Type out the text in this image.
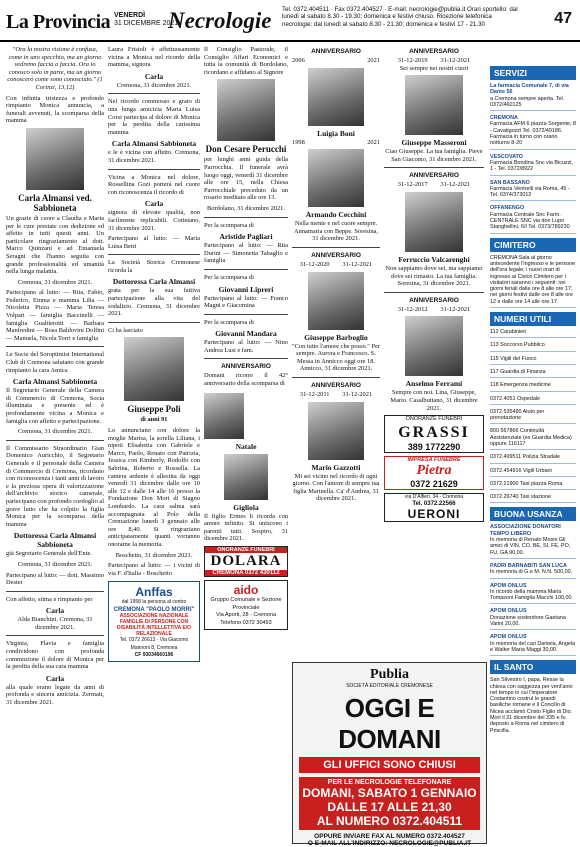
La Provincia VENERDÌ
31 DICEMBRE 2021
Necrologie Tel. 0372.404511 · Fax 0372.404527 · E-mail: necrologie@publia.it Orari sportello: dal lunedì al sabato 8.30 - 19.30; domenica e festivi chiuso. Ricezione telefonica necrologie: dal lunedì al sabato 8.30 - 21.30; domenica e festivi 17 - 21.30	47

"Ora la nostra visione è confusa, come in uno specchio, ma un giorno vedremo faccia a faccia. Ora io conosco solo in parte, ma un giorno conoscerò come sono conosciuto." (1 Corinzi, 13,12)

Con infinita tristezza e profondo rimpianto Monica annuncia, a funerali avvenuti, la scomparsa della mamma

Carla Almansi ved. Sabbioneta

Un grazie di cuore a Claudia e Maria per le cure prestate con dedizione ed affetto in tutti questi anni. Un particolare ringraziamento al dott. Marco Quinzani e ad Emanuela Seragni che l'hanno seguita con grande professionalità ed umanità nella lunga malattia.

Cremona, 31 dicembre 2021.

Partecipano al lutto: — Rita, Fabio, Federico, Emma e mamma Lilia — Nicoletta Pizza — Maria Teresa Volpari — famiglia Baccinelli — famiglia Gualtierotti — Barbara Manfredini — Rosa Baldovini Dolfini — Manuela, Nicola Torri e famiglia

Le Socie del Soroptimist International Club di Cremona salutano con grande rimpianto la cara Amica

Carla Almansi Sabbioneta

Il Segretario Generale della Camera di Commercio di Cremona, Socia illuminata e presente ed è profondamente vicina a Monica e famiglia con affetto e partecipazione.

Cremona, 31 dicembre 2021.

Il Commissario Straordinario Gian Domenico Auricchio, il Segretario Generale e il personale della Camera di Commercio di Cremona, ricordano con riconoscenza i tanti anni di lavoro e la preziosa opera di valorizzazione dell'archivio storico camerale, partecipano con profondo cordoglio al grave lutto che ha colpito la figlia Monica per la scomparsa della mamma

Dottoressa Carla Almansi Sabbioneta

già Segretario Generale dell'Ente.

Cremona, 31 dicembre 2021.

Partecipano al lutto: — dott. Massimo Dester

Con affetto, stima e rimpianto per

Carla

Alda Bianchini. Cremona, 31 dicembre 2021.

Virginia, Flavia e famiglia condividono con profonda commozione il dolore di Monica per la perdita della sua cara mamma

Carla

alla quale erano legate da anni di profonda e sincera amicizia. Zermatt, 31 dicembre 2021.

Laura Fristoli è affettuosamente vicina a Monica nel ricordo della mamma, signora

Carla

Cremona, 31 dicembre 2021.

Nel ricordo commosso e grato di una lunga amicizia Maria Luisa Corsi partecipa al dolore di Monica per la perdita della carissima mamma

Carla Almansi Sabbioneta

e le è vicina con affetto. Cremona, 31 dicembre 2021.

Vicina a Monica nel dolore, Rossellina Gozi porterà nel cuore con riconoscenza il ricordo di

Carla

signora di elevate qualità, non facilmente replicabili. Cortetano, 31 dicembre 2021.

Partecipano al lutto: — Maria Luisa Betri

La Società Storica Cremonese ricorda la

Dottoressa Carla Almansi

grata per la sua fattiva partecipazione alla vita del sodalizio. Cremona, 31 dicembre 2021.

Ci ha lasciato

Giuseppe Poli

di anni 91

Lo annunciano con dolore la moglie Marisa, la sorella Liliana, i nipoti Elisabetta con Gabriele e Marco, Paolo, Renato con Patrizia, Jessica con Kimberly, Rodolfo con Sabrina, Roberto e Rossella. La camera ardente è allestita da oggi venerdì 31 dicembre dalle ore 10 alle 12 e dalle 14 alle 16 presso la Fondazione Don Mori di Stagno Lombardo. La cara salma sarà accompagnata al Polo della Cremazione lunedì 3 gennaio alle ore 8,40. Si ringraziano anticipatamente quanti vorranno onorarne la memoria.

Boschetto, 31 dicembre 2021.

Partecipano al lutto: — i vicini di via F. d'Italia - Boschetto

Anffas
dal 1958 la persona al centro
CREMONA "PAOLO MORRI"
ASSOCIAZIONE NAZIONALE FAMIGLIE DI PERSONE CON DISABILITÀ INTELLETTIVA E/O RELAZIONALE
Tel. 0372 26613 · Via Giacomo Marinoni 8, Cremona
CF 93034660196

Il Consiglio Pastorale, il Consiglio Affari Economici e tutta la comunità di Bordolano, ricordano e affidano al Signore

Don Cesare Perucchi

per lunghi anni guida della Parrocchia. Il funerale avrà luogo oggi, venerdì 31 dicembre alle ore 15, nella Chiesa Parrocchiale preceduto da un rosario meditato alle ore 13.

Bordolano, 31 dicembre 2021.

Per la scomparsa di

Aristide Pagliari

Partecipano al lutto: — Rita Durini — Simonetta Tabaglio e famiglia

Per la scomparsa di

Giovanni Lipreri

Partecipano al lutto: — Franco Magni e Giacomina

Per la scomparsa di

Giovanni Mandara

Partecipano al lutto: — Nino Andrea Lusi e fam.

ANNIVERSARIO

Domani ricorre il 42° anniversario della scomparsa di

Natale
Gigliola

Il figlio Ermes li ricorda con amore infinito. Si uniscono i parenti tutti. Sospiro, 31 dicembre 2021.

ONORANZE FUNEBRI
DOLARA
CREMONA 0372 430112
aido
Gruppo Comunale e Sezione Provinciale
Via Aporti, 28 - Cremona
Telefono 0372 30493
ANNIVERSARIO
2006	2021
Luigia Boni
1998	2021
Armando Cecchini

Nella mente e nel cuore sempre. Annamaria con Beppe. Soresina, 31 dicembre 2021.

ANNIVERSARIO
31-12-2020        31-12-2021
Giuseppe Barboglio

"Con tutto l'amore che posso." Per sempre. Aurora e Francesco. S. Messa in Annicco oggi ore 18. Annicco, 31 dicembre 2021.

ANNIVERSARIO
31-12-2011        31-12-2021
Mario Gazzotti

Mi sei vicino nel ricordo di ogni giorno. Con l'amore di sempre tua figlia Marinella. Ca' d'Andrea, 31 dicembre 2021.

ANNIVERSARIO
31-12-2019        31-12-2021

Sei sempre nei nostri cuori

Giuseppe Masseroni

Ciao Giuseppe. La tua famiglia. Pieve San Giacomo, 31 dicembre 2021.

ANNIVERSARIO
31-12-2017        31-12-2021
Ferruccio Valcarenghi

Non sappiamo dove sei, ma sappiamo dove sei rimasto. La tua famiglia. Soresina, 31 dicembre 2021.

ANNIVERSARIO
31-12-2012        31-12-2021
Anselmo Ferrami

Sempre con noi. Lina, Giuseppe, Mario. Casalbuttano, 31 dicembre 2021.

ONORANZE FUNEBRI
GRASSI
389 1772290
IMPRESA FUNEBRE
Pietra
0372 21629
via D'Alfieri, 34 - Cremona
Tel. 0372.22566
UERONI
Publia
SOCIETÀ EDITORIALE CREMONESE
OGGI E DOMANI
GLI UFFICI SONO CHIUSI
PER LE NECROLOGIE TELEFONARE
DOMANI, SABATO 1 GENNAIO
DALLE 17 ALLE 21,30
AL NUMERO 0372.404511
OPPURE INVIARE FAX AL NUMERO 0372.404527
O E-MAIL ALL'INDIRIZZO: NECROLOGIE@PUBLIA.IT
SERVIZI
La farmacia Comunale 7, di via Dante 56
a Cremona sempre aperta. Tel. 0372/460125
CREMONA
Farmacia AFM 6 piazza Sorgente, 8 - Cavatigozzi Tel. 0372/49186. Farmacia in turno con orario notturno 8-20
VESCOVATO
Farmacia Bondina Snc via Bicuzzi, 1 - Tel. 0372/8922
SAN BASSANO
Farmacia Ventrelli via Roma, 45 - Tel. 0374/373012
OFFANENGO
Farmacia Centrale Snc Farm. CENTRALE SNC via don Lupo Stanghellini, 6/I Tel. 0373/789230
CIMITERO
CREMONA Sala al giorno antecedente l'ingresso e le persone dell'ora legale; i nuovi orari di ingresso ai Civico Cimitero per i visitatori saranno i seguenti: nei giorni feriali dalle ore 8 alle ore 17; nei giorni festivi dalle ore 8 alle ore 12 e dalle ore 14 alle ore 17.
NUMERI UTILI
112 Carabinieri
113 Soccorso Pubblico
115 Vigili del Fuoco
117 Guardia di Finanza
118 Emergenza medicine
0372.4051 Ospedale
0372.535490 Aiuto per prenotazione
800 567866 Continuità Assistenziale (ex Guardia Medica) oppure 116117
0372.499511 Polizia Stradale
0372.454916 Vigili Urbani
0372.21900 Taxi piazza Roma
0372.26740 Taxi stazione
BUONA USANZA
ASSOCIAZIONE DONATORI TEMPO LIBERO
In memoria di Renato Mosni Gli amici di VIN, CO, BE, SI, FE, PO, FU, GA 90,00.
PADRI BARNABITI SAN LUCA
In memoria di G.e M. N.N. 500,00.
APOM ONLUS
In ricordo della mamma Maria Tomasoni Famiglia Macchi 100,00.
APOM ONLUS
Donazione sostenitore Gaetana Varini 20,00.
APOM ONLUS
In memoria del cari Daniela, Angela e Walter Maria Maggi 30,00.
IL SANTO
San Silvestro I, papa. Resse la chiesa con saggezza per vent'anni nel tempo in cui l'imperatore Costantino costruì le grandi basiliche romane e il Concilio di Nicea acclamò Cristo Figlio di Dio. Morì il 31 dicembre del 335 e fu deposto a Roma nel cimitero di Priscilla.
